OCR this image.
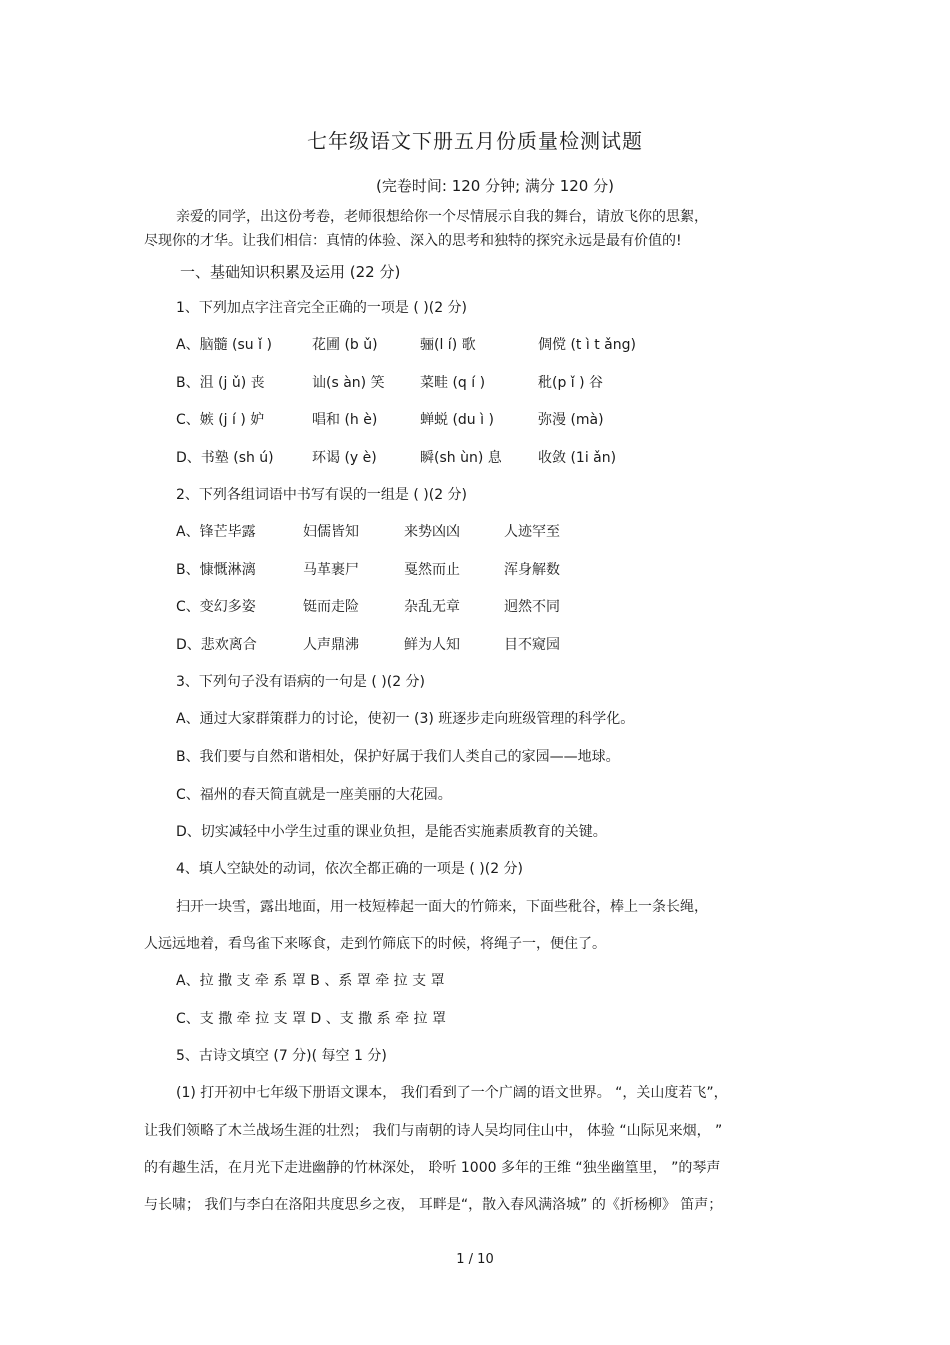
七年级语文下册五月份质量检测试题
(完卷时间: 120 分钟; 满分 120 分)
亲爱的同学，出这份考卷，老师很想给你一个尽情展示自我的舞台，请放飞你的思絮，
尽现你的才华。让我们相信：真情的体验、深入的思考和独特的探究永远是最有价值的!
一、基础知识积累及运用 (22 分)
1、下列加点字注音完全正确的一项是 ( )(2 分)
A、脑髓 (su ǐ )	花圃 (b ǔ)	骊(l í) 歌	倜傥 (t ì t ǎng)
B、沮 (j ǔ) 丧	讪(s àn) 笑	菜畦 (q í )	秕(p ǐ ) 谷
C、嫉 (j í ) 妒	唱和 (h è)	蝉蜕 (du ì )	弥漫 (mà)
D、书塾 (sh ú)	环谒 (y è)	瞬(sh ùn) 息	收敛 (1i ǎn)
2、下列各组词语中书写有误的一组是 ( )(2 分)
A、锋芒毕露	妇儒皆知	来势凶凶	人迹罕至
B、慷慨淋漓	马革裹尸	戛然而止	浑身解数
C、变幻多姿	铤而走险	杂乱无章	迥然不同
D、悲欢离合	人声鼎沸	鲜为人知	目不窥园
3、下列句子没有语病的一句是 ( )(2 分)
A、通过大家群策群力的讨论，使初一 (3) 班逐步走向班级管理的科学化。
B、我们要与自然和谐相处，保护好属于我们人类自己的家园——地球。
C、福州的春天简直就是一座美丽的大花园。
D、切实减轻中小学生过重的课业负担，是能否实施素质教育的关键。
4、填人空缺处的动词，依次全都正确的一项是 ( )(2 分)
扫开一块雪，露出地面，用一枝短棒起一面大的竹筛来，下面些秕谷，棒上一条长绳，
人远远地着，看鸟雀下来啄食，走到竹筛底下的时候，将绳子一，便住了。
A、拉 撒 支 牵 系 罩 B 、系 罩 牵 拉 支 罩
C、支 撒 牵 拉 支 罩 D 、支 撒 系 牵 拉 罩
5、古诗文填空 (7 分)( 每空 1 分)
(1) 打开初中七年级下册语文课本， 我们看到了一个广阔的语文世界。 “，关山度若飞”，
让我们领略了木兰战场生涯的壮烈； 我们与南朝的诗人吴均同住山中， 体验 “山际见来烟， ”
的有趣生活，在月光下走进幽静的竹林深处， 聆听 1000 多年的王维 “独坐幽篁里， ”的琴声
与长啸； 我们与李白在洛阳共度思乡之夜， 耳畔是“，散入春风满洛城” 的《折杨柳》 笛声；
1 / 10
